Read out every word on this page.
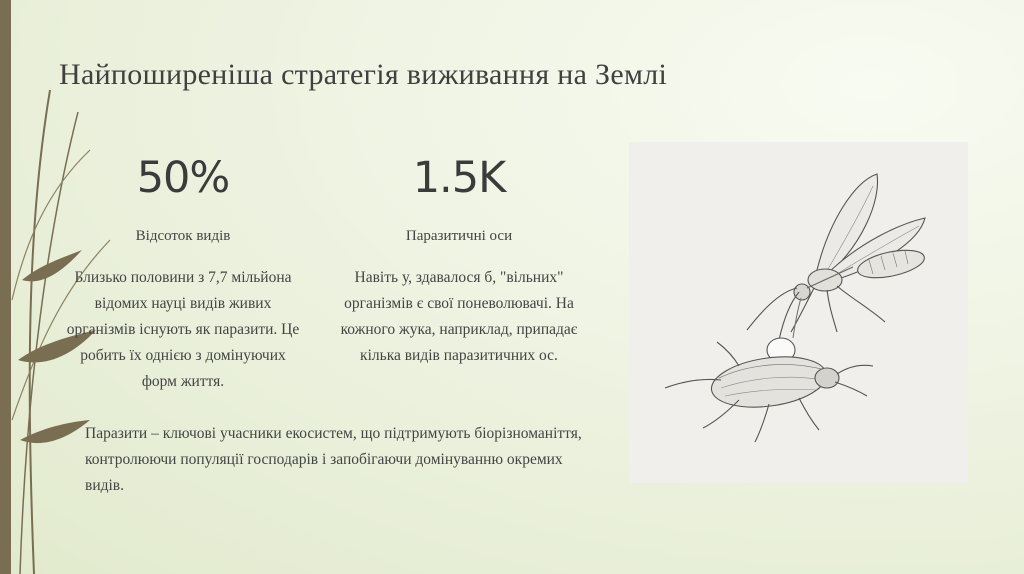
Найпоширеніша стратегія виживання на Землі
50%
Відсоток видів
Близько половини з 7,7 мільйона відомих науці видів живих організмів існують як паразити. Це робить їх однією з домінуючих форм життя.
1.5K
Паразитичні оси
Навіть у, здавалося б, "вільних" організмів є свої поневолювачі. На кожного жука, наприклад, припадає кілька видів паразитичних ос.
Паразити – ключові учасники екосистем, що підтримують біорізноманіття, контролюючи популяції господарів і запобігаючи домінуванню окремих видів.
